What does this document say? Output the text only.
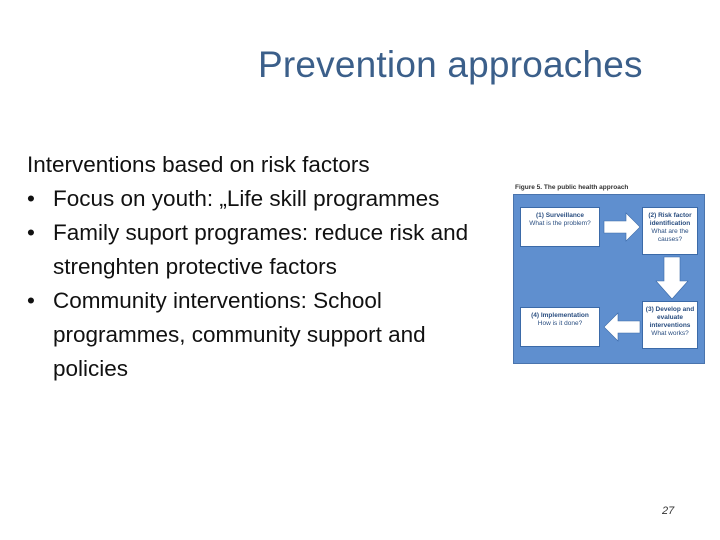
Prevention approaches
Interventions based on risk factors
• Focus on youth: „Life skill programmes
• Family suport programes: reduce risk and strenghten protective factors
• Community interventions: School programmes, community support and policies
Figure 5. The public health approach
(1) Surveillance
What is the problem?
(2) Risk factor identification
What are the causes?
(3) Develop and evaluate interventions
What works?
(4) Implementation
How is it done?
27
